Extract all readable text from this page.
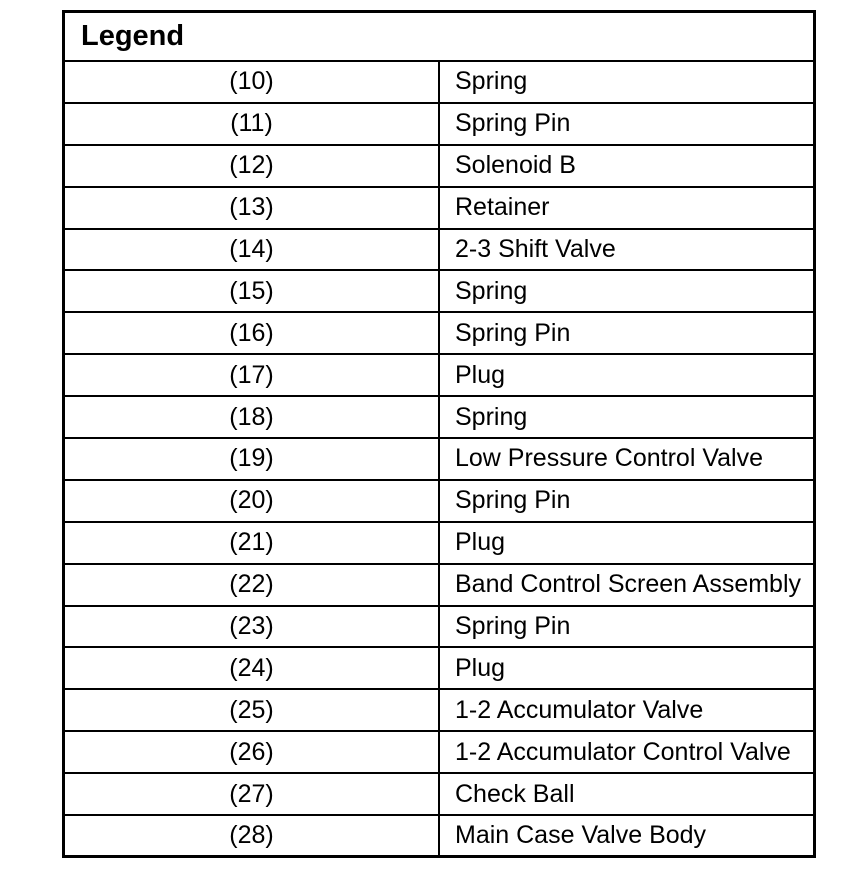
Legend	
(10)	Spring
(11)	Spring Pin
(12)	Solenoid B
(13)	Retainer
(14)	2-3 Shift Valve
(15)	Spring
(16)	Spring Pin
(17)	Plug
(18)	Spring
(19)	Low Pressure Control Valve
(20)	Spring Pin
(21)	Plug
(22)	Band Control Screen Assembly
(23)	Spring Pin
(24)	Plug
(25)	1-2 Accumulator Valve
(26)	1-2 Accumulator Control Valve
(27)	Check Ball
(28)	Main Case Valve Body
